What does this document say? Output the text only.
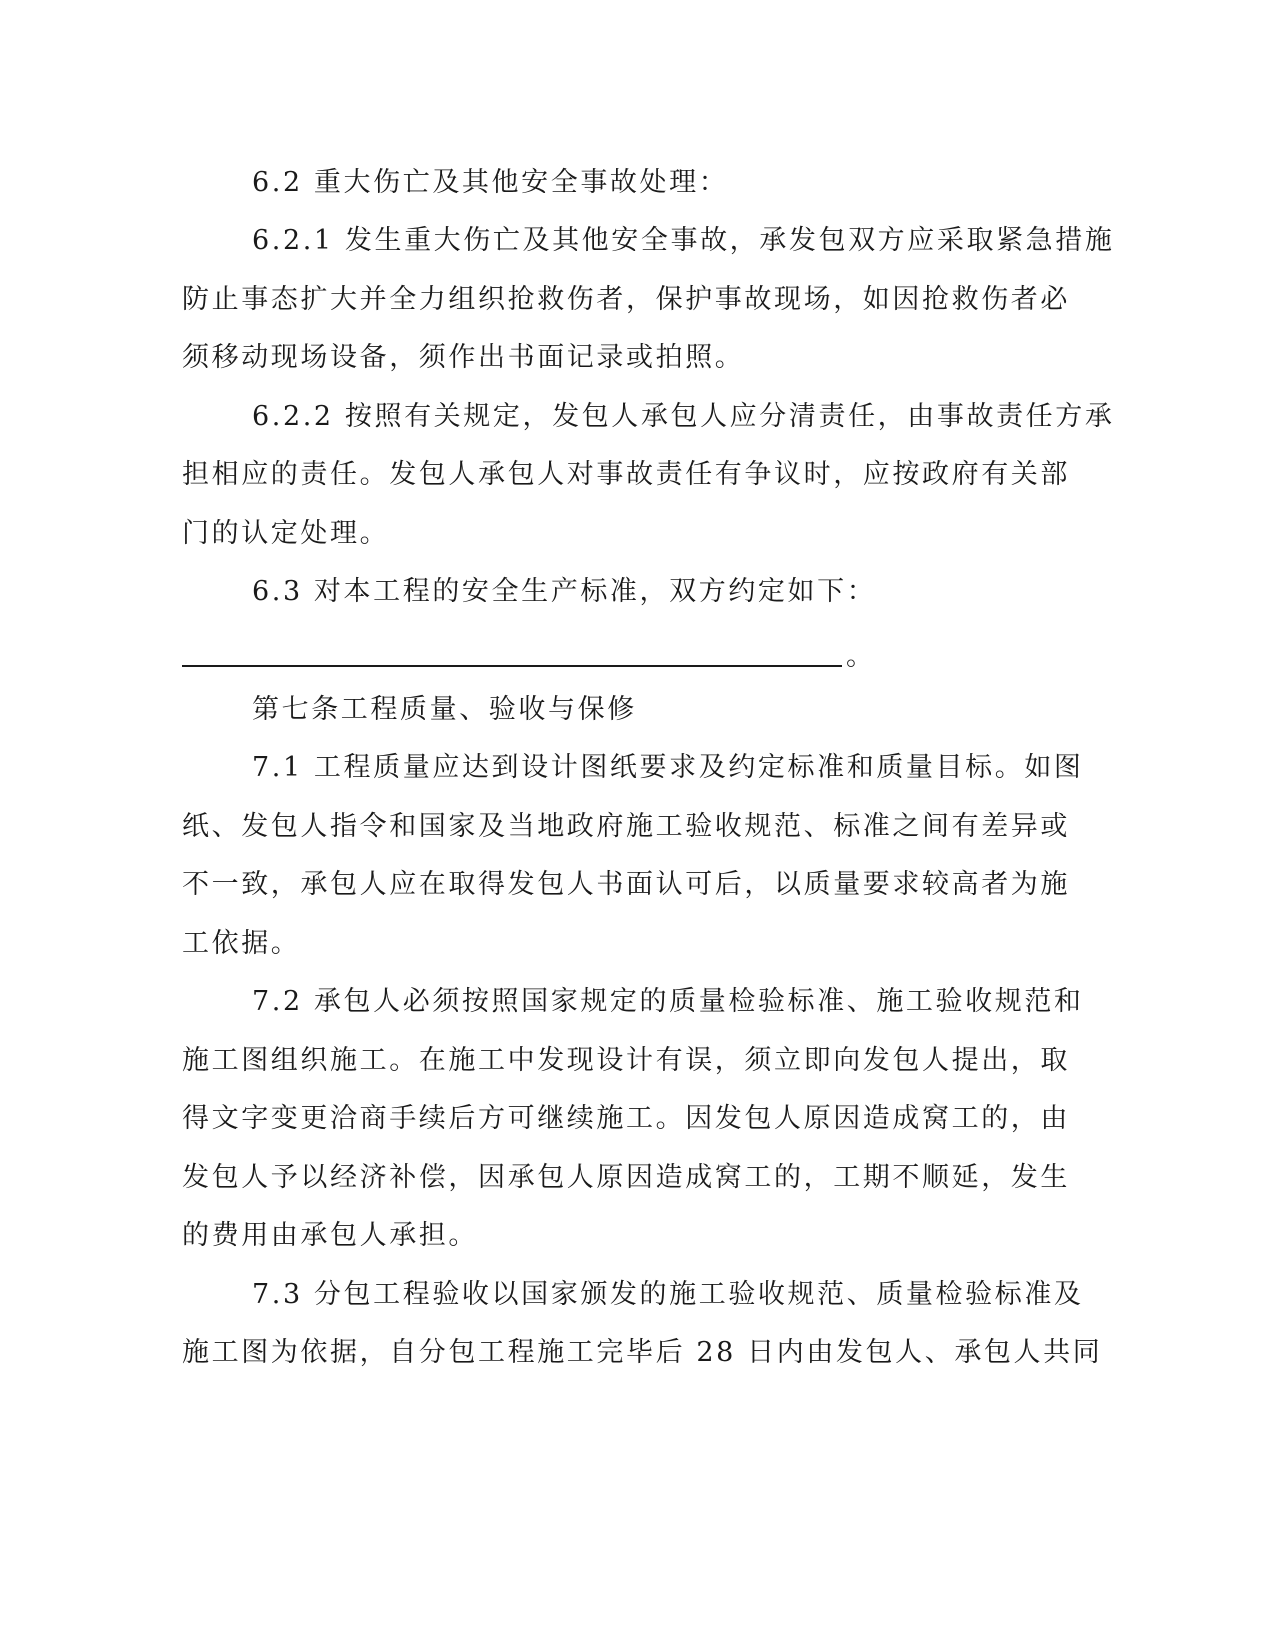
6.2 重大伤亡及其他安全事故处理：
6.2.1 发生重大伤亡及其他安全事故，承发包双方应采取紧急措施
防止事态扩大并全力组织抢救伤者，保护事故现场，如因抢救伤者必
须移动现场设备，须作出书面记录或拍照。
6.2.2 按照有关规定，发包人承包人应分清责任，由事故责任方承
担相应的责任。发包人承包人对事故责任有争议时，应按政府有关部
门的认定处理。
6.3 对本工程的安全生产标准，双方约定如下：
。
第七条工程质量、验收与保修
7.1 工程质量应达到设计图纸要求及约定标准和质量目标。如图
纸、发包人指令和国家及当地政府施工验收规范、标准之间有差异或
不一致，承包人应在取得发包人书面认可后，以质量要求较高者为施
工依据。
7.2 承包人必须按照国家规定的质量检验标准、施工验收规范和
施工图组织施工。在施工中发现设计有误，须立即向发包人提出，取
得文字变更洽商手续后方可继续施工。因发包人原因造成窝工的，由
发包人予以经济补偿，因承包人原因造成窝工的，工期不顺延，发生
的费用由承包人承担。
7.3 分包工程验收以国家颁发的施工验收规范、质量检验标准及
施工图为依据，自分包工程施工完毕后 28 日内由发包人、承包人共同
